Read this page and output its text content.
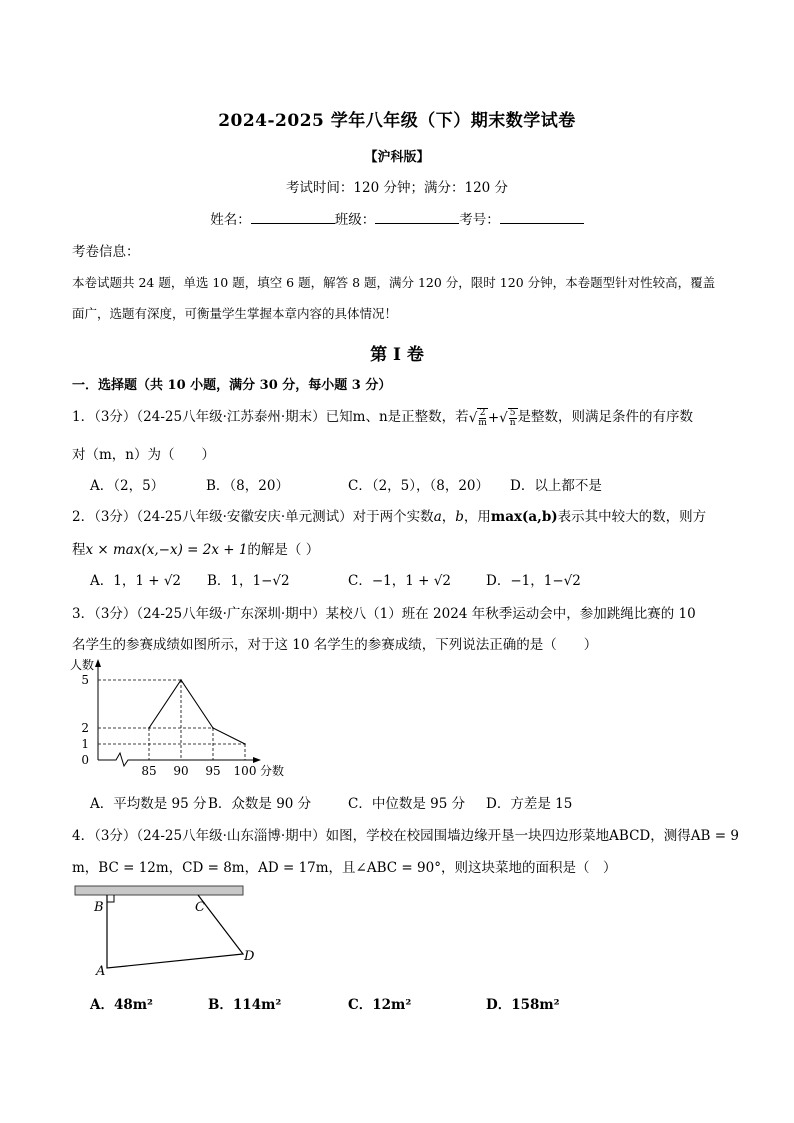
2024-2025 学年八年级（下）期末数学试卷
【沪科版】
考试时间：120 分钟；满分：120 分
姓名：	班级：	考号：
考卷信息：
本卷试题共 24 题，单选 10 题，填空 6 题，解答 8 题，满分 120 分，限时 120 分钟，本卷题型针对性较高，覆盖
面广，选题有深度，可衡量学生掌握本章内容的具体情况！
第 I 卷
一．选择题（共 10 小题，满分 30 分，每小题 3 分）
1．（3分）（24-25八年级·江苏泰州·期末）已知m、n是正整数，若√ $\frac{2}{m}$ +√ $\frac{5}{n}$ 是整数，则满足条件的有序数
对（m，n）为（　　）
A．（2，5）	B．（8，20）	C．（2，5），（8，20） D．以上都不是
2．（3分）（24-25八年级·安徽安庆·单元测试）对于两个实数a，b，用max(a,b)表示其中较大的数，则方
程x × max(x,−x) = 2x + 1的解是（ ）
A．1，1 + √2 B．1，1−√2	C．−1，1 + √2	D．−1，1−√2
3．（3分）（24-25八年级·广东深圳·期中）某校八（1）班在 2024 年秋季运动会中，参加跳绳比赛的 10
名学生的参赛成绩如图所示，对于这 10 名学生的参赛成绩，下列说法正确的是（　　）
人数
分数
5
2
1
0
85 90 95 100
A．平均数是 95 分 B．众数是 90 分	C．中位数是 95 分 D．方差是 15
4．（3分）（24-25八年级·山东淄博·期中）如图，学校在校园围墙边缘开垦一块四边形菜地ABCD，测得AB = 9
m，BC = 12m，CD = 8m，AD = 17m，且∠ABC = 90°，则这块菜地的面积是（　）
B	C
A
D
A．48m²	B．114m²	C．12m²	D．158m²
